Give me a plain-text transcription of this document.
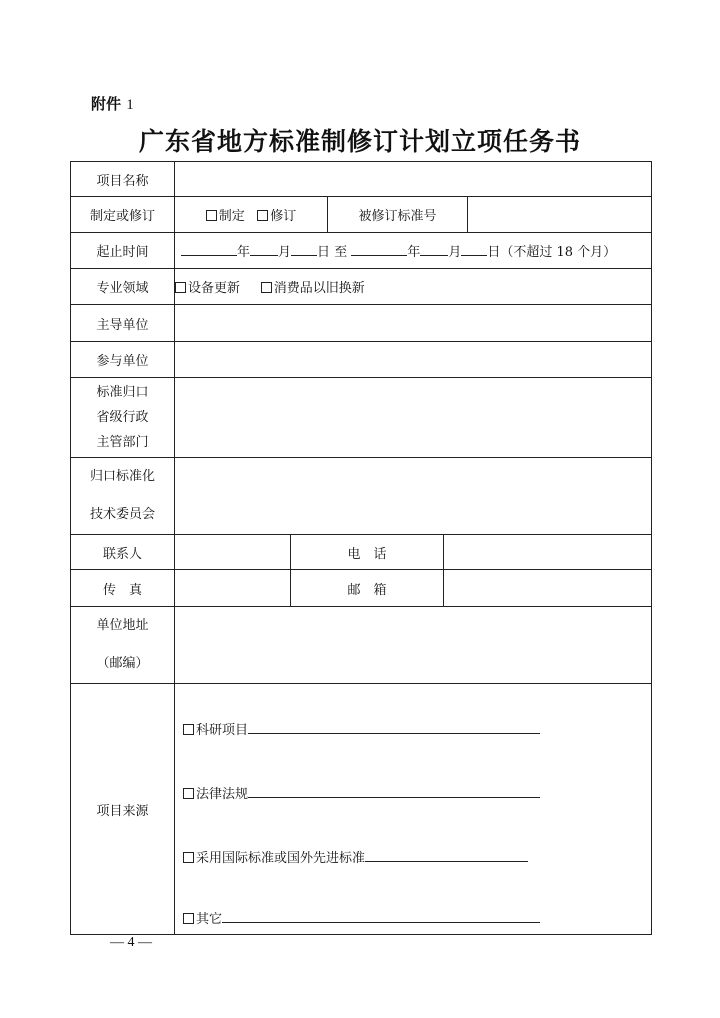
附件 1
广东省地方标准制修订计划立项任务书
项目名称					
制定或修订	制定 修订		被修订标准号		
起止时间	年 月 日 至 年 月 日（不超过 18 个月）				
专业领域	设备更新 消费品以旧换新				
主导单位					
参与单位					

标准归口
省级行政
主管部门					

归口标准化
技术委员会					

联系人		电　话			
传　真		邮　箱			

单位地址
（邮编）					

项目来源	科研项目
法律法规
采用国际标准或国外先进标准
其它				
— 4 —
